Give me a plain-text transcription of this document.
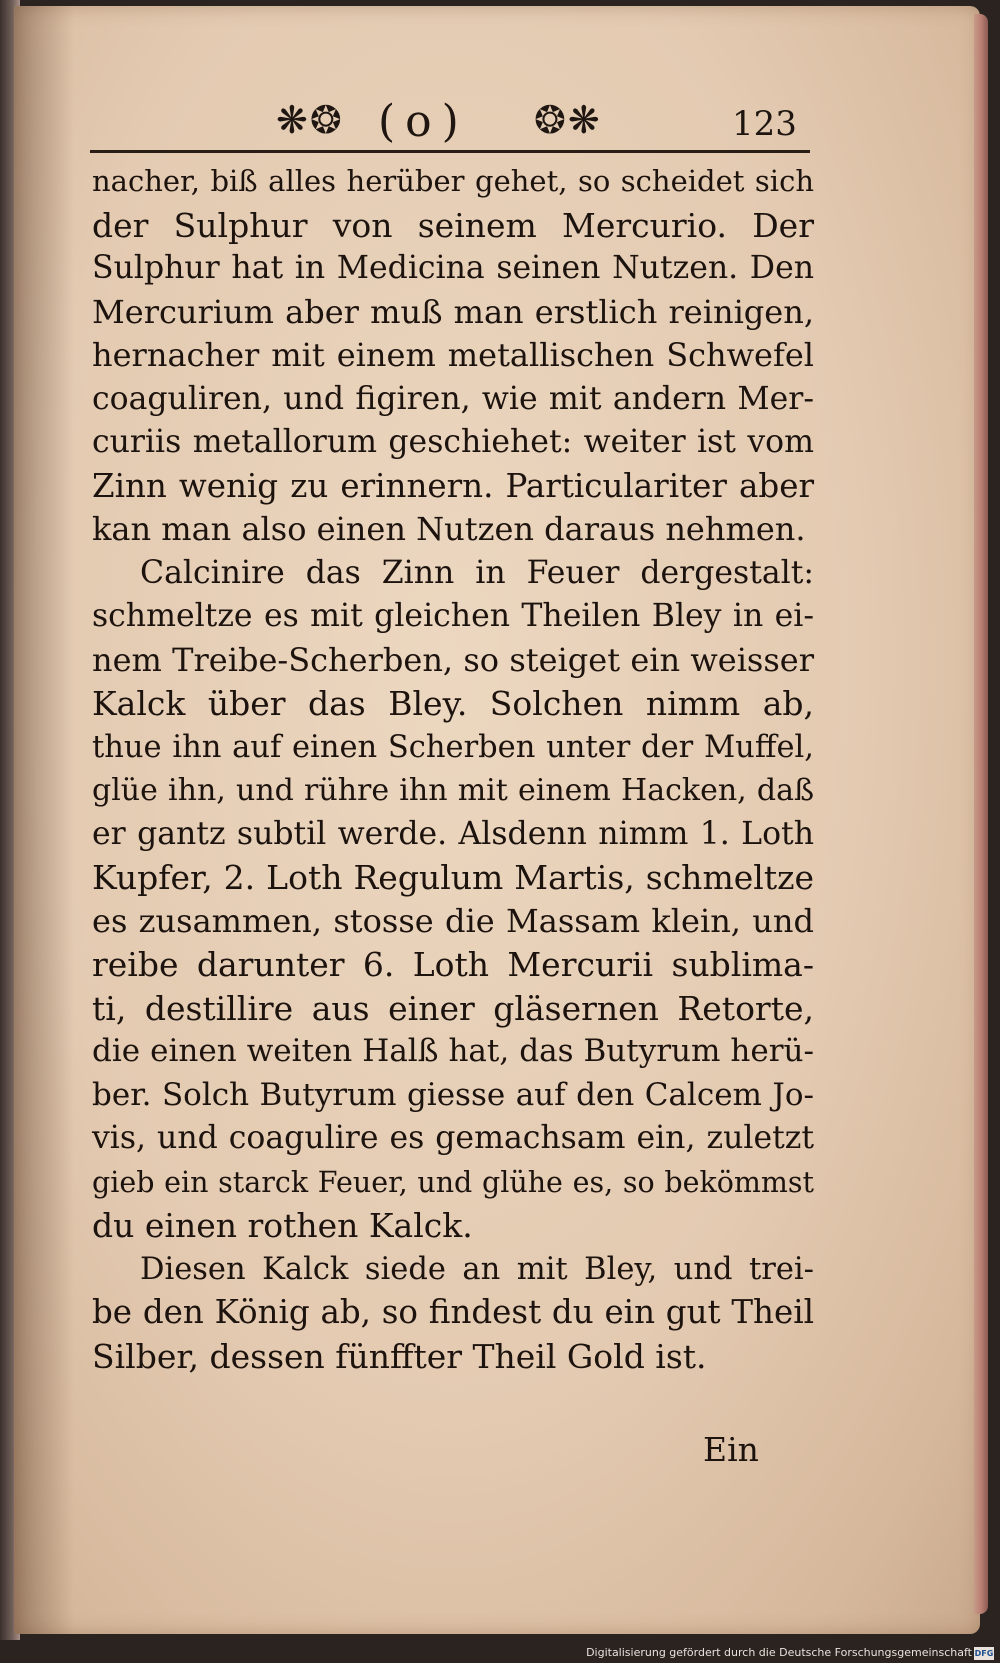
❋❂ (o) ❂❋	123
nacher, biß alles herüber gehet, so scheidet sich
der Sulphur von seinem Mercurio. Der
Sulphur hat in Medicina seinen Nutzen. Den
Mercurium aber muß man erstlich reinigen,
hernacher mit einem metallischen Schwefel
coaguliren, und figiren, wie mit andern Mer-
curiis metallorum geschiehet: weiter ist vom
Zinn wenig zu erinnern. Particulariter aber
kan man also einen Nutzen daraus nehmen.
Calcinire das Zinn in Feuer dergestalt:
schmeltze es mit gleichen Theilen Bley in ei-
nem Treibe-Scherben, so steiget ein weisser
Kalck über das Bley. Solchen nimm ab,
thue ihn auf einen Scherben unter der Muffel,
glüe ihn, und rühre ihn mit einem Hacken, daß
er gantz subtil werde. Alsdenn nimm 1. Loth
Kupfer, 2. Loth Regulum Martis, schmeltze
es zusammen, stosse die Massam klein, und
reibe darunter 6. Loth Mercurii sublima-
ti, destillire aus einer gläsernen Retorte,
die einen weiten Halß hat, das Butyrum herü-
ber. Solch Butyrum giesse auf den Calcem Jo-
vis, und coagulire es gemachsam ein, zuletzt
gieb ein starck Feuer, und glühe es, so bekömmst
du einen rothen Kalck.
Diesen Kalck siede an mit Bley, und trei-
be den König ab, so findest du ein gut Theil
Silber, dessen fünffter Theil Gold ist.
Ein
Digitalisierung gefördert durch die Deutsche Forschungsgemeinschaft DFG
